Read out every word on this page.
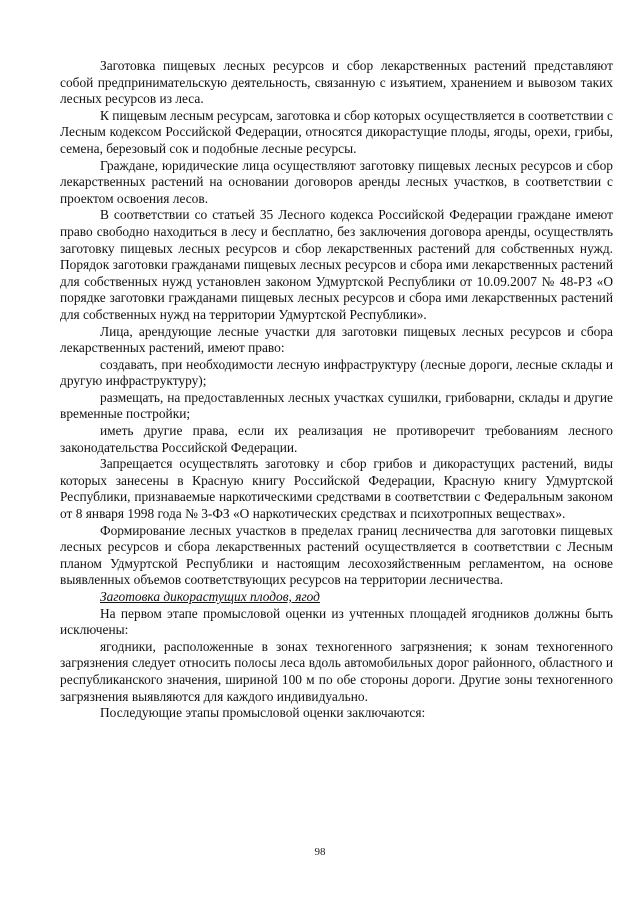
Заготовка пищевых лесных ресурсов и сбор лекарственных растений представляют собой предпринимательскую деятельность, связанную с изъятием, хранением и вывозом таких лесных ресурсов из леса.

К пищевым лесным ресурсам, заготовка и сбор которых осуществляется в соответствии с Лесным кодексом Российской Федерации, относятся дикорастущие плоды, ягоды, орехи, грибы, семена, березовый сок и подобные лесные ресурсы.

Граждане, юридические лица осуществляют заготовку пищевых лесных ресурсов и сбор лекарственных растений на основании договоров аренды лесных участков, в соответствии с проектом освоения лесов.

В соответствии со статьей 35 Лесного кодекса Российской Федерации граждане имеют право свободно находиться в лесу и бесплатно, без заключения договора аренды, осуществлять заготовку пищевых лесных ресурсов и сбор лекарственных растений для собственных нужд. Порядок заготовки гражданами пищевых лесных ресурсов и сбора ими лекарственных растений для собственных нужд установлен законом Удмуртской Республики от 10.09.2007 № 48-РЗ «О порядке заготовки гражданами пищевых лесных ресурсов и сбора ими лекарственных растений для собственных нужд на территории Удмуртской Республики».

Лица, арендующие лесные участки для заготовки пищевых лесных ресурсов и сбора лекарственных растений, имеют право:

создавать, при необходимости лесную инфраструктуру (лесные дороги, лесные склады и другую инфраструктуру);

размещать, на предоставленных лесных участках сушилки, грибоварни, склады и другие временные постройки;

иметь другие права, если их реализация не противоречит требованиям лесного законодательства Российской Федерации.

Запрещается осуществлять заготовку и сбор грибов и дикорастущих растений, виды которых занесены в Красную книгу Российской Федерации, Красную книгу Удмуртской Республики, признаваемые наркотическими средствами в соответствии с Федеральным законом от 8 января 1998 года № 3-ФЗ «О наркотических средствах и психотропных веществах».

Формирование лесных участков в пределах границ лесничества для заготовки пищевых лесных ресурсов и сбора лекарственных растений осуществляется в соответствии с Лесным планом Удмуртской Республики и настоящим лесохозяйственным регламентом, на основе выявленных объемов соответствующих ресурсов на территории лесничества.

Заготовка дикорастущих плодов, ягод

На первом этапе промысловой оценки из учтенных площадей ягодников должны быть исключены:

ягодники, расположенные в зонах техногенного загрязнения; к зонам техногенного загрязнения следует относить полосы леса вдоль автомобильных дорог районного, областного и республиканского значения, шириной 100 м по обе стороны дороги. Другие зоны техногенного загрязнения выявляются для каждого индивидуально.

Последующие этапы промысловой оценки заключаются:

98
